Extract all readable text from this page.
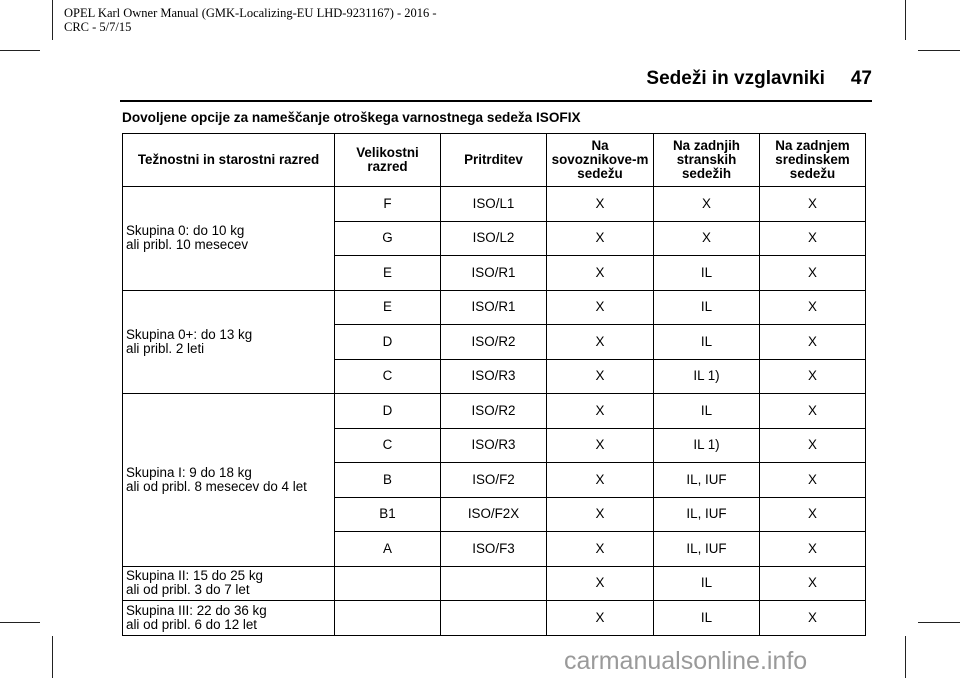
OPEL Karl Owner Manual (GMK-Localizing-EU LHD-9231167) - 2016 -
CRC - 5/7/15
Sedeži in vzglavniki 47
Dovoljene opcije za nameščanje otroškega varnostnega sedeža ISOFIX
Težnostni in starostni razred	Velikostni razred	Pritrditev	Na sovoznikove-m sedežu	Na zadnjih stranskih sedežih	Na zadnjem sredinskem sedežu
Skupina 0: do 10 kg
ali pribl. 10 mesecev	F	ISO/L1	X	X	X
	G	ISO/L2	X	X	X
	E	ISO/R1	X	IL	X
Skupina 0+: do 13 kg
ali pribl. 2 leti	E	ISO/R1	X	IL	X
	D	ISO/R2	X	IL	X
	C	ISO/R3	X	IL 1)	X
Skupina I: 9 do 18 kg
ali od pribl. 8 mesecev do 4 let	D	ISO/R2	X	IL	X
	C	ISO/R3	X	IL 1)	X
	B	ISO/F2	X	IL, IUF	X
	B1	ISO/F2X	X	IL, IUF	X
	A	ISO/F3	X	IL, IUF	X
Skupina II: 15 do 25 kg
ali od pribl. 3 do 7 let			X	IL	X
Skupina III: 22 do 36 kg
ali od pribl. 6 do 12 let			X	IL	X
carmanualsonline.info
